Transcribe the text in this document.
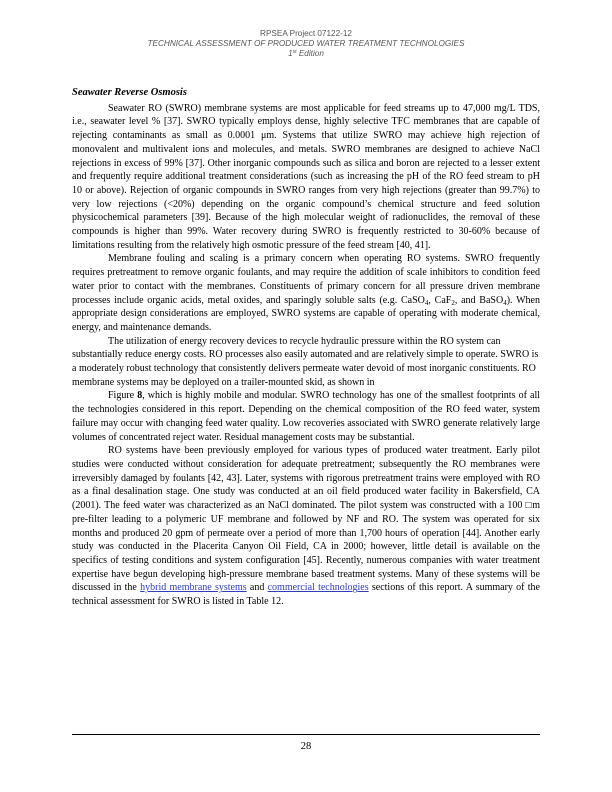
RPSEA Project 07122-12
TECHNICAL ASSESSMENT OF PRODUCED WATER TREATMENT TECHNOLOGIES
1st Edition
Seawater Reverse Osmosis

Seawater RO (SWRO) membrane systems are most applicable for feed streams up to 47,000 mg/L TDS, i.e., seawater level % [37]. SWRO typically employs dense, highly selective TFC membranes that are capable of rejecting contaminants as small as 0.0001 μm. Systems that utilize SWRO may achieve high rejection of monovalent and multivalent ions and molecules, and metals. SWRO membranes are designed to achieve NaCl rejections in excess of 99% [37]. Other inorganic compounds such as silica and boron are rejected to a lesser extent and frequently require additional treatment considerations (such as increasing the pH of the RO feed stream to pH 10 or above). Rejection of organic compounds in SWRO ranges from very high rejections (greater than 99.7%) to very low rejections (<20%) depending on the organic compound’s chemical structure and feed solution physicochemical parameters [39]. Because of the high molecular weight of radionuclides, the removal of these compounds is higher than 99%. Water recovery during SWRO is frequently restricted to 30-60% because of limitations resulting from the relatively high osmotic pressure of the feed stream [40, 41].

Membrane fouling and scaling is a primary concern when operating RO systems. SWRO frequently requires pretreatment to remove organic foulants, and may require the addition of scale inhibitors to condition feed water prior to contact with the membranes. Constituents of primary concern for all pressure driven membrane processes include organic acids, metal oxides, and sparingly soluble salts (e.g. CaSO$_4$, CaF$_2$, and BaSO$_4$). When appropriate design considerations are employed, SWRO systems are capable of operating with moderate chemical, energy, and maintenance demands.

The utilization of energy recovery devices to recycle hydraulic pressure within the RO system can substantially reduce energy costs. RO processes also easily automated and are relatively simple to operate. SWRO is a moderately robust technology that consistently delivers permeate water devoid of most inorganic constituents. RO membrane systems may be deployed on a trailer-mounted skid, as shown in

Figure 8, which is highly mobile and modular. SWRO technology has one of the smallest footprints of all the technologies considered in this report. Depending on the chemical composition of the RO feed water, system failure may occur with changing feed water quality. Low recoveries associated with SWRO generate relatively large volumes of concentrated reject water. Residual management costs may be substantial.

RO systems have been previously employed for various types of produced water treatment. Early pilot studies were conducted without consideration for adequate pretreatment; subsequently the RO membranes were irreversibly damaged by foulants [42, 43]. Later, systems with rigorous pretreatment trains were employed with RO as a final desalination stage. One study was conducted at an oil field produced water facility in Bakersfield, CA (2001). The feed water was characterized as an NaCl dominated. The pilot system was constructed with a 100 □m pre-filter leading to a polymeric UF membrane and followed by NF and RO. The system was operated for six months and produced 20 gpm of permeate over a period of more than 1,700 hours of operation [44]. Another early study was conducted in the Placerita Canyon Oil Field, CA in 2000; however, little detail is available on the specifics of testing conditions and system configuration [45]. Recently, numerous companies with water treatment expertise have begun developing high-pressure membrane based treatment systems. Many of these systems will be discussed in the hybrid membrane systems and commercial technologies sections of this report. A summary of the technical assessment for SWRO is listed in Table 12.

28
